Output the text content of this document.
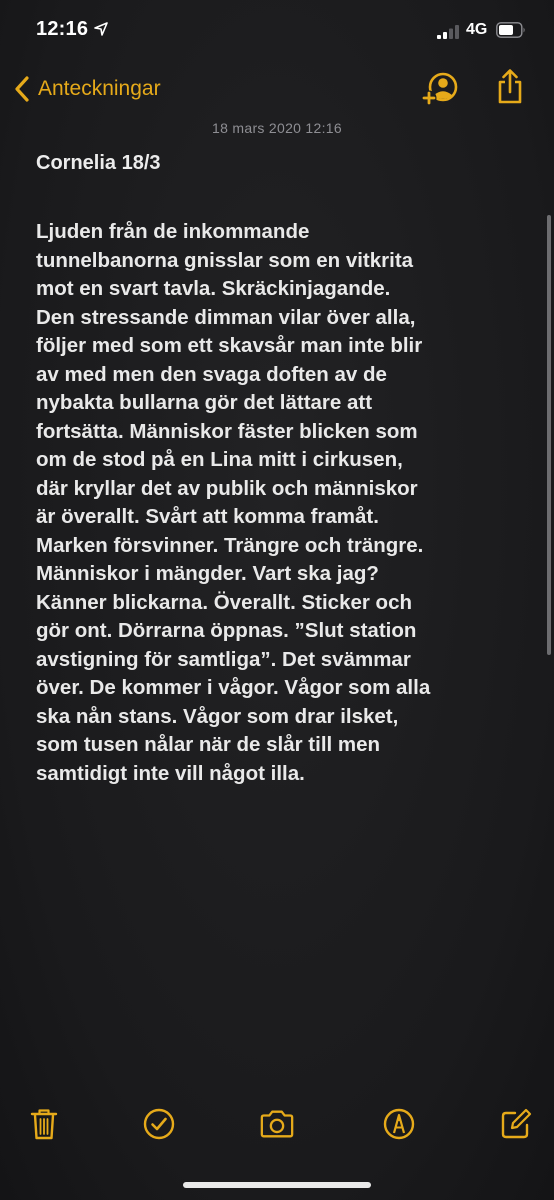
12:16	4G
Anteckningar
18 mars 2020 12:16
Cornelia 18/3
Ljuden från de inkommande
tunnelbanorna gnisslar som en vitkrita
mot en svart tavla. Skräckinjagande.
Den stressande dimman vilar över alla,
följer med som ett skavsår man inte blir
av med men den svaga doften av de
nybakta bullarna gör det lättare att
fortsätta. Människor fäster blicken som
om de stod på en Lina mitt i cirkusen,
där kryllar det av publik och människor
är överallt. Svårt att komma framåt.
Marken försvinner. Trängre och trängre.
Människor i mängder. Vart ska jag?
Känner blickarna. Överallt. Sticker och
gör ont. Dörrarna öppnas. ”Slut station
avstigning för samtliga”. Det svämmar
över. De kommer i vågor. Vågor som alla
ska nån stans. Vågor som drar ilsket,
som tusen nålar när de slår till men
samtidigt inte vill något illa.
